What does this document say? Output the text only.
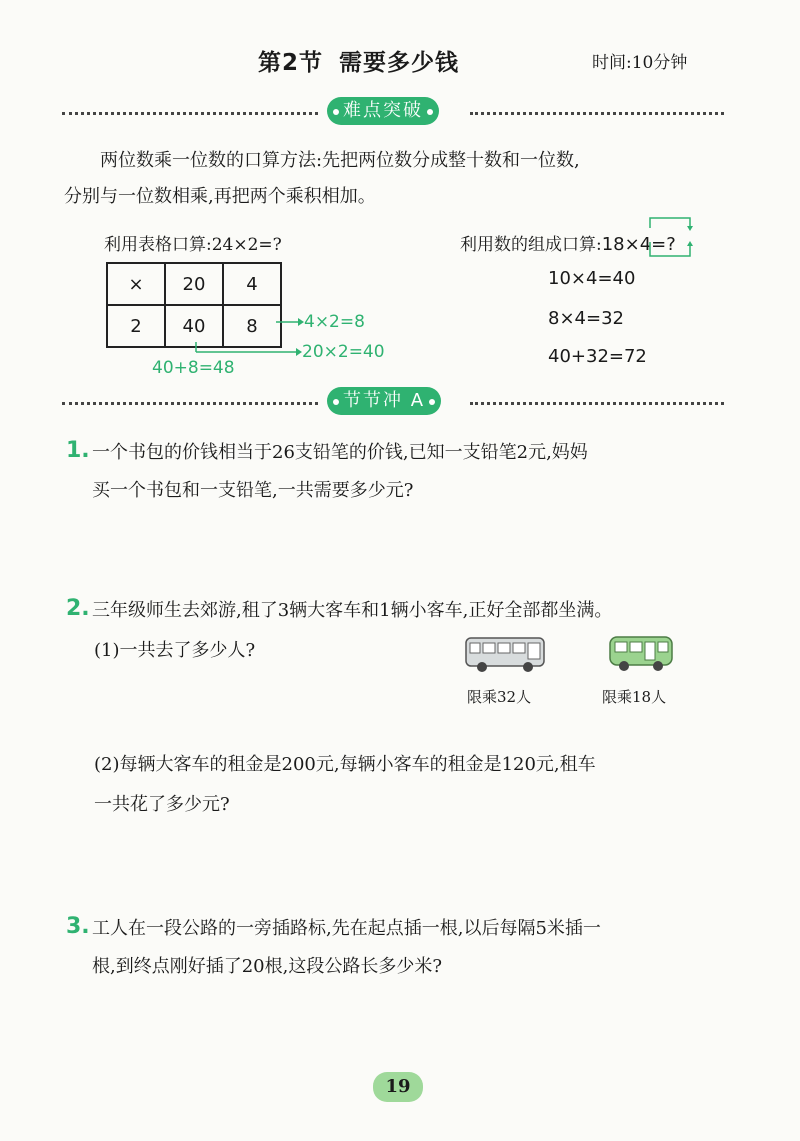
第2节 需要多少钱	时间:10分钟
难点突破
两位数乘一位数的口算方法:先把两位数分成整十数和一位数,
分别与一位数相乘,再把两个乘积相加。
利用表格口算:24×2=?
×	20	4
2	40	8	4×2=8
20×2=40
40+8=48
利用数的组成口算:18×4=?
10×4=40
8×4=32
40+32=72
节节冲 A
1. 一个书包的价钱相当于26支铅笔的价钱,已知一支铅笔2元,妈妈
买一个书包和一支铅笔,一共需要多少元?
2. 三年级师生去郊游,租了3辆大客车和1辆小客车,正好全部都坐满。
(1)一共去了多少人?
限乘32人	限乘18人
(2)每辆大客车的租金是200元,每辆小客车的租金是120元,租车
一共花了多少元?
3. 工人在一段公路的一旁插路标,先在起点插一根,以后每隔5米插一
根,到终点刚好插了20根,这段公路长多少米?
19
